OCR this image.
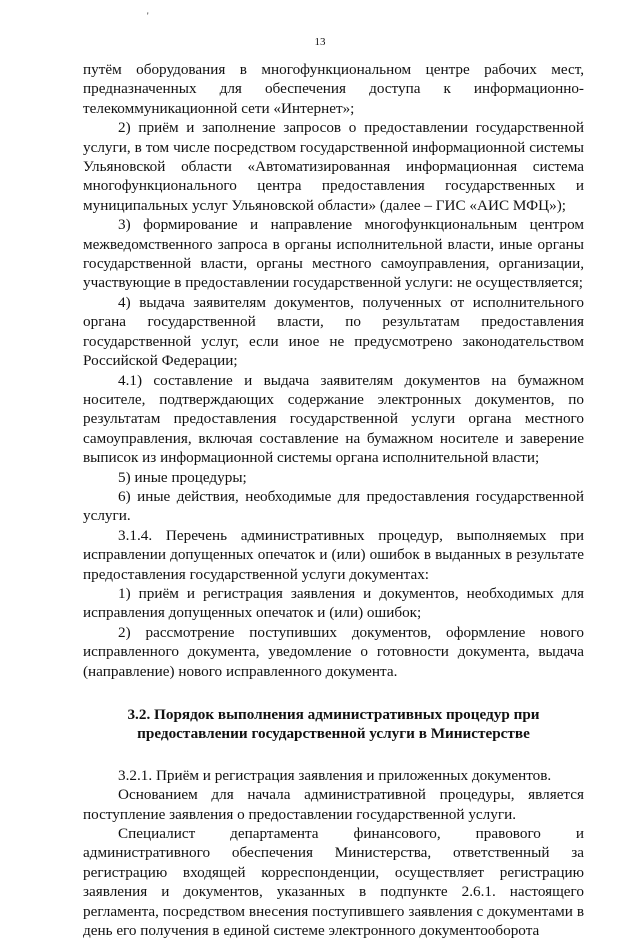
'
13

путём оборудования в многофункциональном центре рабочих мест, предназначенных для обеспечения доступа к информационно-телекоммуникационной сети «Интернет»;

2) приём и заполнение запросов о предоставлении государственной услуги, в том числе посредством государственной информационной системы Ульяновской области «Автоматизированная информационная система многофункционального центра предоставления государственных и муниципальных услуг Ульяновской области» (далее – ГИС «АИС МФЦ»);

3) формирование и направление многофункциональным центром межведомственного запроса в органы исполнительной власти, иные органы государственной власти, органы местного самоуправления, организации, участвующие в предоставлении государственной услуги: не осуществляется;

4) выдача заявителям документов, полученных от исполнительного органа государственной власти, по результатам предоставления государственной услуг, если иное не предусмотрено законодательством Российской Федерации;

4.1) составление и выдача заявителям документов на бумажном носителе, подтверждающих содержание электронных документов, по результатам предоставления государственной услуги органа местного самоуправления, включая составление на бумажном носителе и заверение выписок из информационной системы органа исполнительной власти;

5) иные процедуры;

6) иные действия, необходимые для предоставления государственной услуги.

3.1.4. Перечень административных процедур, выполняемых при исправлении допущенных опечаток и (или) ошибок в выданных в результате предоставления государственной услуги документах:

1) приём и регистрация заявления и документов, необходимых для исправления допущенных опечаток и (или) ошибок;

2) рассмотрение поступивших документов, оформление нового исправленного документа, уведомление о готовности документа, выдача (направление) нового исправленного документа.

3.2. Порядок выполнения административных процедур при
предоставлении государственной услуги в Министерстве

3.2.1. Приём и регистрация заявления и приложенных документов.

Основанием для начала административной процедуры, является поступление заявления о предоставлении государственной услуги.

Специалист департамента финансового, правового и административного обеспечения Министерства, ответственный за регистрацию входящей корреспонденции, осуществляет регистрацию заявления и документов, указанных в подпункте 2.6.1. настоящего регламента, посредством внесения поступившего заявления с документами в день его получения в единой системе электронного документооборота
